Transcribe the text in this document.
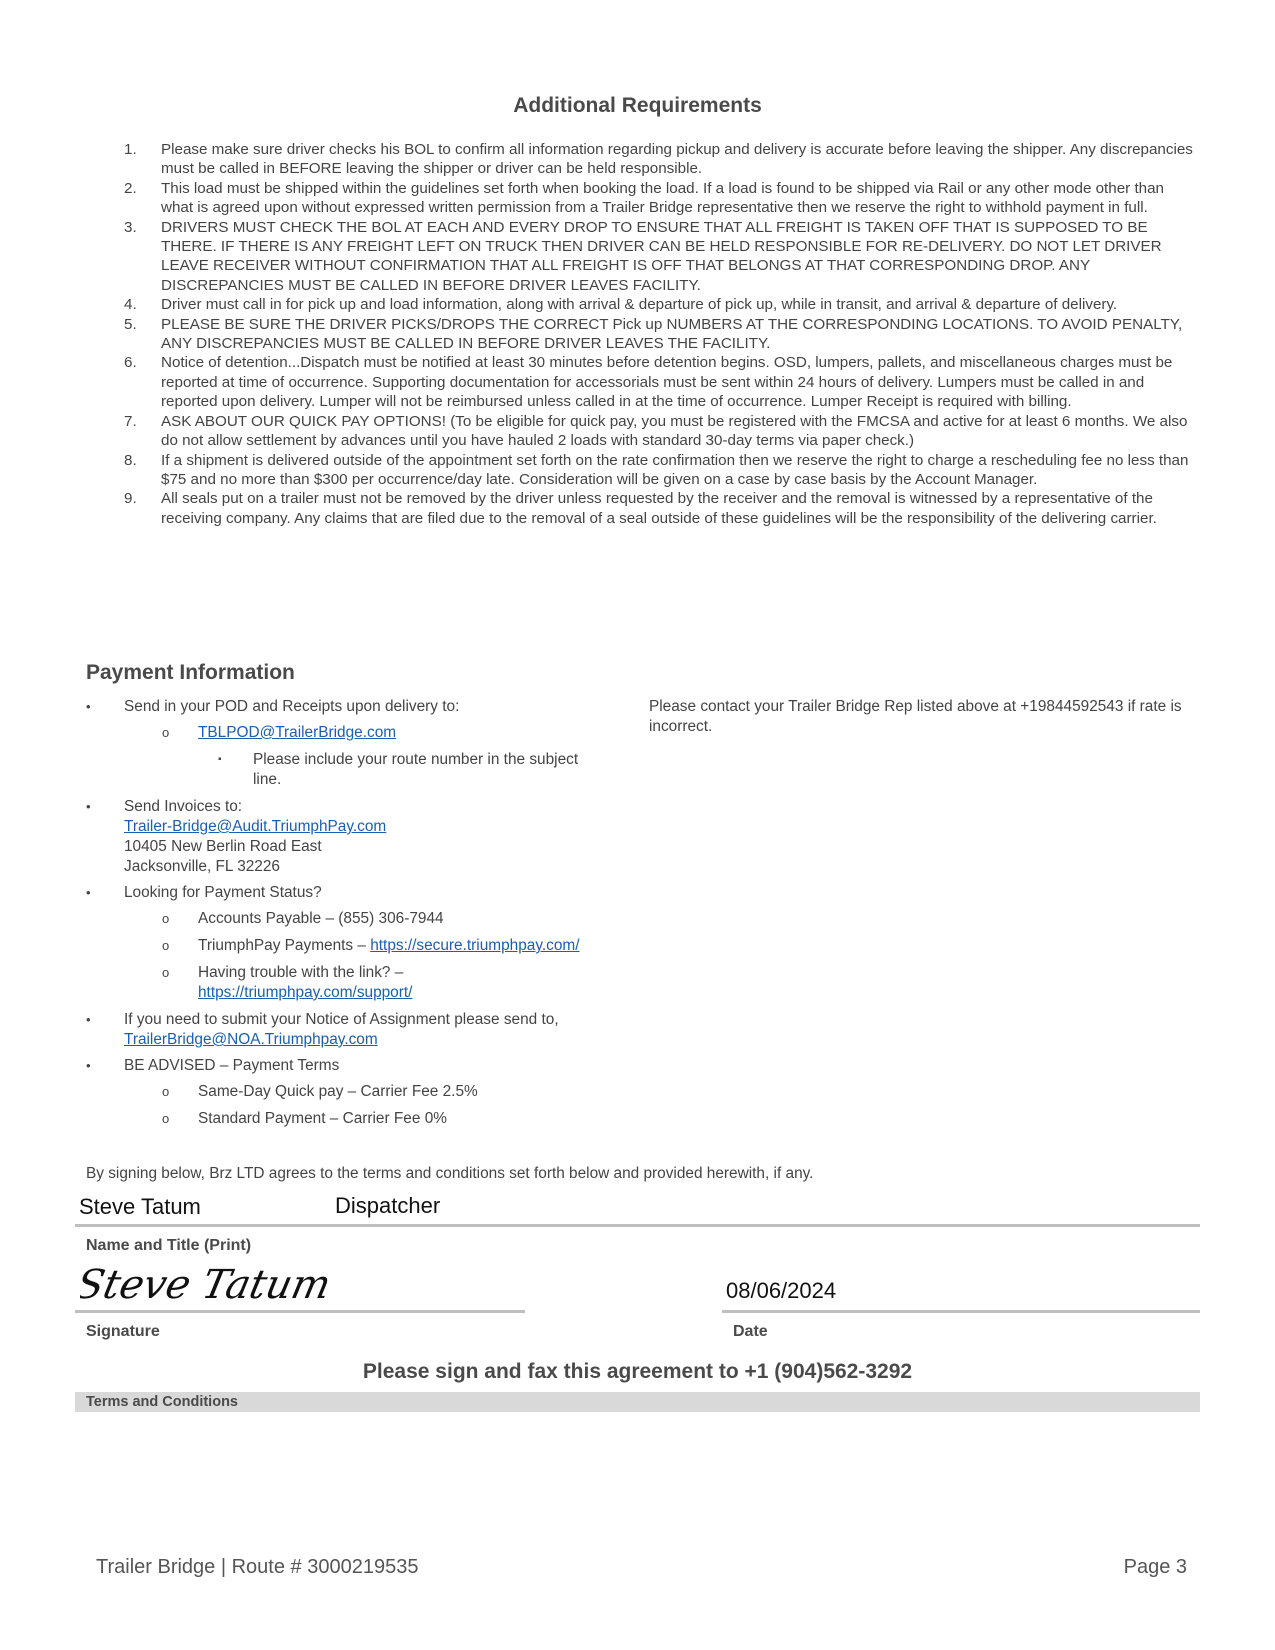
Additional Requirements
1. Please make sure driver checks his BOL to confirm all information regarding pickup and delivery is accurate before leaving the shipper. Any discrepancies must be called in BEFORE leaving the shipper or driver can be held responsible.
2. This load must be shipped within the guidelines set forth when booking the load. If a load is found to be shipped via Rail or any other mode other than what is agreed upon without expressed written permission from a Trailer Bridge representative then we reserve the right to withhold payment in full.
3. DRIVERS MUST CHECK THE BOL AT EACH AND EVERY DROP TO ENSURE THAT ALL FREIGHT IS TAKEN OFF THAT IS SUPPOSED TO BE THERE. IF THERE IS ANY FREIGHT LEFT ON TRUCK THEN DRIVER CAN BE HELD RESPONSIBLE FOR RE-DELIVERY. DO NOT LET DRIVER LEAVE RECEIVER WITHOUT CONFIRMATION THAT ALL FREIGHT IS OFF THAT BELONGS AT THAT CORRESPONDING DROP. ANY DISCREPANCIES MUST BE CALLED IN BEFORE DRIVER LEAVES FACILITY.
4. Driver must call in for pick up and load information, along with arrival & departure of pick up, while in transit, and arrival & departure of delivery.
5. PLEASE BE SURE THE DRIVER PICKS/DROPS THE CORRECT Pick up NUMBERS AT THE CORRESPONDING LOCATIONS. TO AVOID PENALTY, ANY DISCREPANCIES MUST BE CALLED IN BEFORE DRIVER LEAVES THE FACILITY.
6. Notice of detention...Dispatch must be notified at least 30 minutes before detention begins. OSD, lumpers, pallets, and miscellaneous charges must be reported at time of occurrence. Supporting documentation for accessorials must be sent within 24 hours of delivery. Lumpers must be called in and reported upon delivery. Lumper will not be reimbursed unless called in at the time of occurrence. Lumper Receipt is required with billing.
7. ASK ABOUT OUR QUICK PAY OPTIONS! (To be eligible for quick pay, you must be registered with the FMCSA and active for at least 6 months. We also do not allow settlement by advances until you have hauled 2 loads with standard 30-day terms via paper check.)
8. If a shipment is delivered outside of the appointment set forth on the rate confirmation then we reserve the right to charge a rescheduling fee no less than $75 and no more than $300 per occurrence/day late. Consideration will be given on a case by case basis by the Account Manager.
9. All seals put on a trailer must not be removed by the driver unless requested by the receiver and the removal is witnessed by a representative of the receiving company. Any claims that are filed due to the removal of a seal outside of these guidelines will be the responsibility of the delivering carrier.
Payment Information
• Send in your POD and Receipts upon delivery to:
o TBLPOD@TrailerBridge.com
▪ Please include your route number in the subject line.
• Send Invoices to:
Trailer-Bridge@Audit.TriumphPay.com
10405 New Berlin Road East
Jacksonville, FL 32226
• Looking for Payment Status?
o Accounts Payable – (855) 306-7944
o TriumphPay Payments – https://secure.triumphpay.com/
o Having trouble with the link? –
https://triumphpay.com/support/
• If you need to submit your Notice of Assignment please send to,
TrailerBridge@NOA.Triumphpay.com
• BE ADVISED – Payment Terms
o Same-Day Quick pay – Carrier Fee 2.5%
o Standard Payment – Carrier Fee 0%
Please contact your Trailer Bridge Rep listed above at +19844592543 if rate is incorrect.
By signing below, Brz LTD agrees to the terms and conditions set forth below and provided herewith, if any.
Steve Tatum	Dispatcher
Name and Title (Print)
Steve Tatum	08/06/2024
Signature	Date
Please sign and fax this agreement to +1 (904)562-3292
Terms and Conditions
Trailer Bridge | Route # 3000219535	Page 3
